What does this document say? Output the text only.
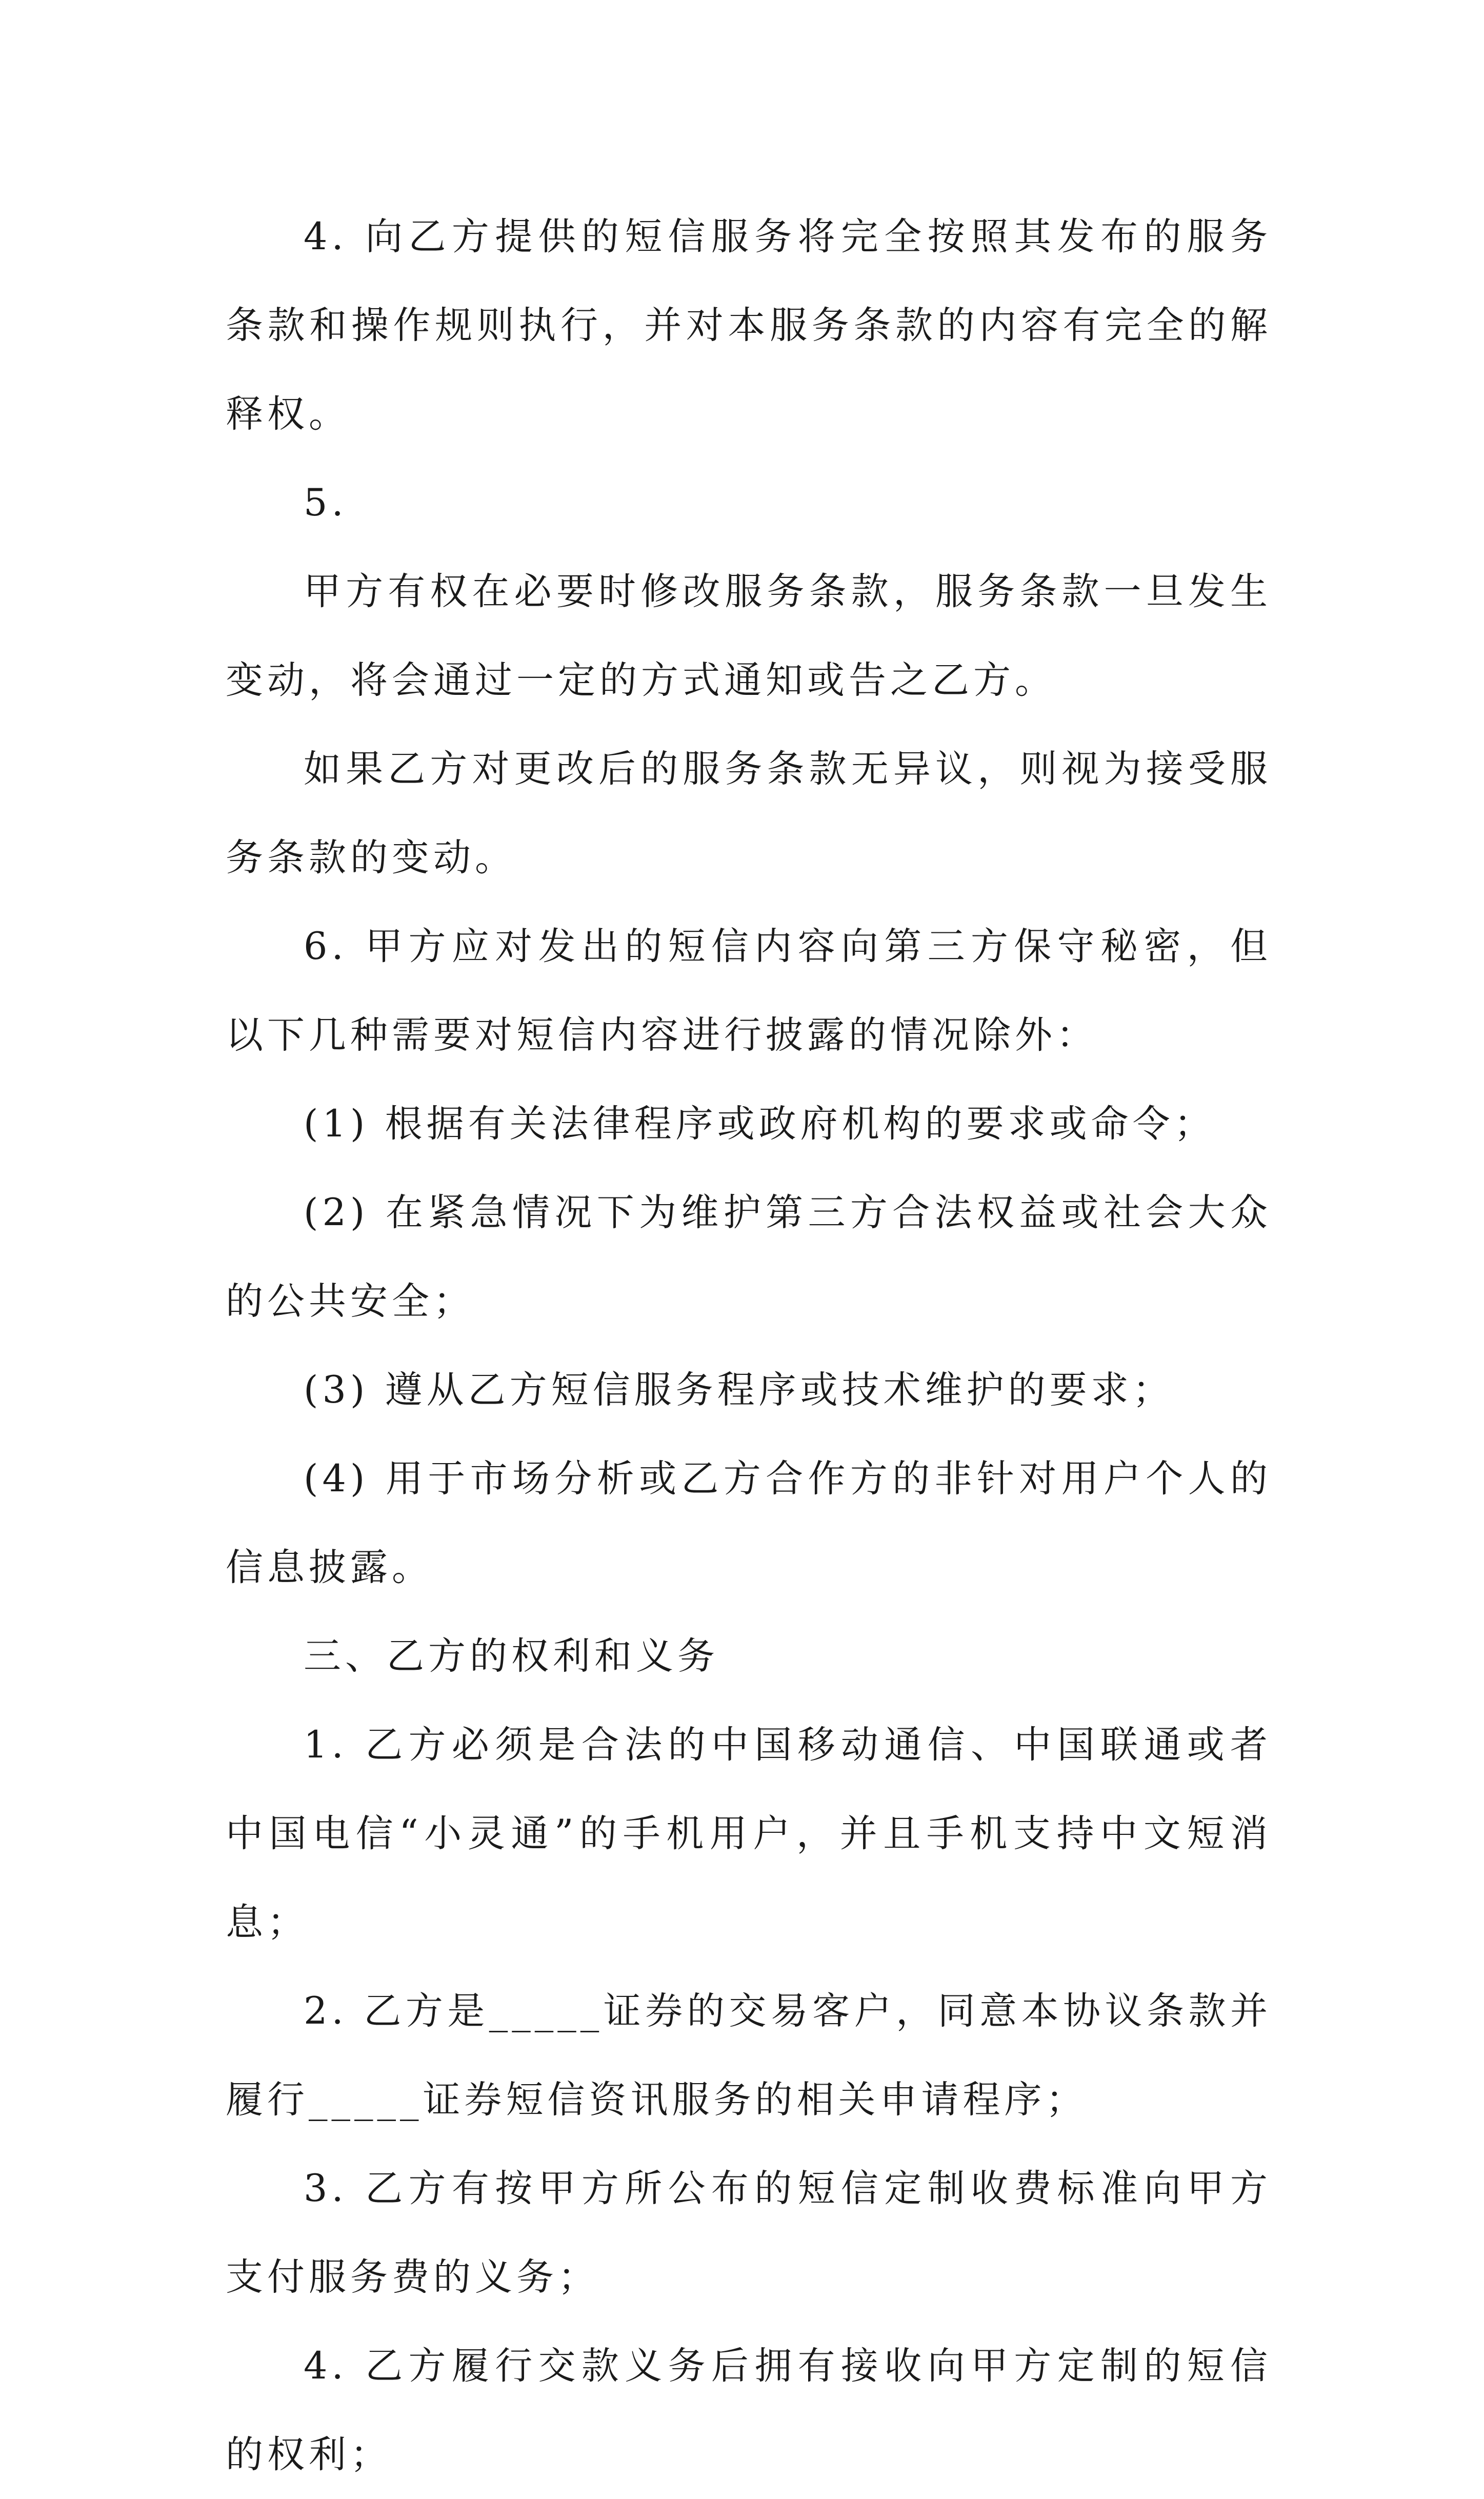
4. 向乙方提供的短信服务将完全按照其发布的服务条款和操作规则执行，并对本服务条款的内容有完全的解释权。

5.

甲方有权在必要时修改服务条款，服务条款一旦发生变动，将会通过一定的方式通知或告之乙方。

如果乙方对更改后的服务条款无异议，则视为接受服务条款的变动。

6. 甲方应对发出的短信内容向第三方保守秘密，但以下几种需要对短信内容进行披露的情况除外：

(1) 根据有关法律程序或政府机构的要求或命令；

(2) 在紧急情况下为维护第三方合法权益或社会大众的公共安全；

(3) 遵从乙方短信服务程序或技术维护的要求；

(4) 用于市场分析或乙方合作方的非针对用户个人的信息披露。

三、乙方的权利和义务

1. 乙方必须是合法的中国移动通信、中国联通或者中国电信“小灵通”的手机用户，并且手机支持中文短消息；

2. 乙方是_____证券的交易客户，同意本协议条款并履行_____证券短信资讯服务的相关申请程序；

3. 乙方有按甲方所公布的短信定制收费标准向甲方支付服务费的义务；

4. 乙方履行交款义务后拥有接收向甲方定制的短信的权利；
